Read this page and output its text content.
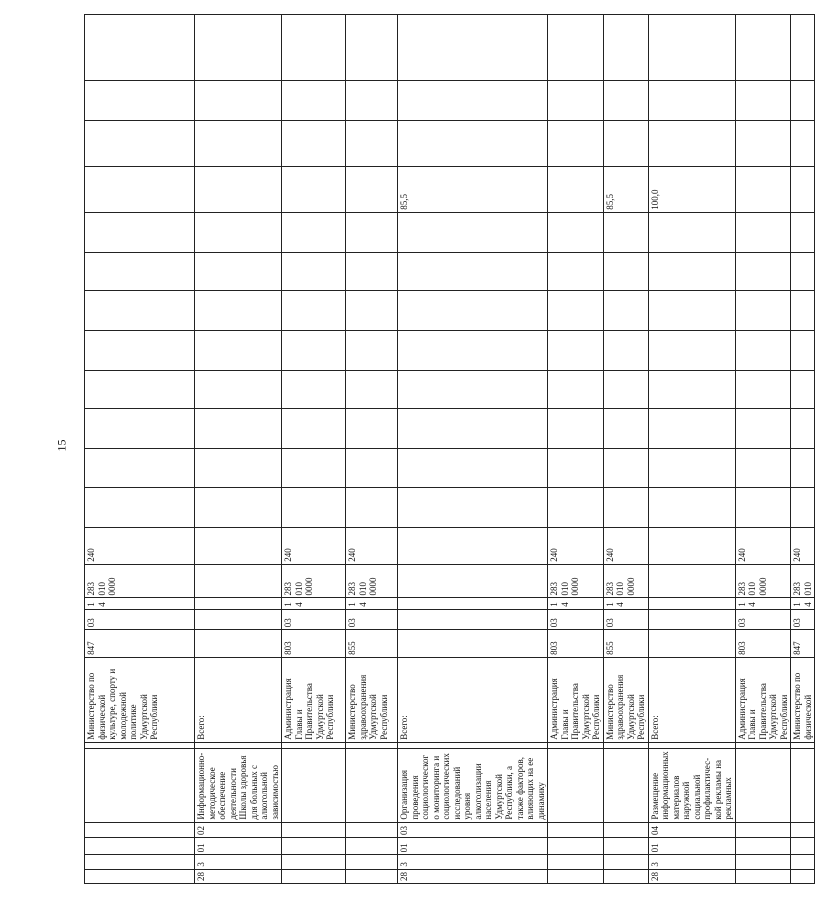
15
						Министерство по физической культуре, спорту и молодежной политике Удмуртской Республики	847	03	14	283 010 0000	240												
28	3	01	02	Информационно-методическое обеспечение деятельности Школы здоровья для больных с алкогольной зависимостью		Всего:																	
						Администрация Главы и Правительства Удмуртской Республики	803	03	14	283 010 0000	240												
						Министерство здравоохранения Удмуртской Республики	855	03	14	283 010 0000	240												
28	3	01	03	Организация проведения социологического мониторинга и социологических исследований уровня алкоголизации населения Удмуртской Республики, а также факторов, влияющих на ее динамику		Всего:														85,5			
						Администрация Главы и Правительства Удмуртской Республики	803	03	14	283 010 0000	240												
						Министерство здравоохранения Удмуртской Республики	855	03	14	283 010 0000	240									85,5			
28	3	01	04	Размещение информационных материалов наружной социальной профилактичес-кой рекламы на рекламных		Всего:														100,0			
						Администрация Главы и Правительства Удмуртской Республики	803	03	14	283 010 0000	240												
						Министерство по физической	847	03	14	283 010	240												
